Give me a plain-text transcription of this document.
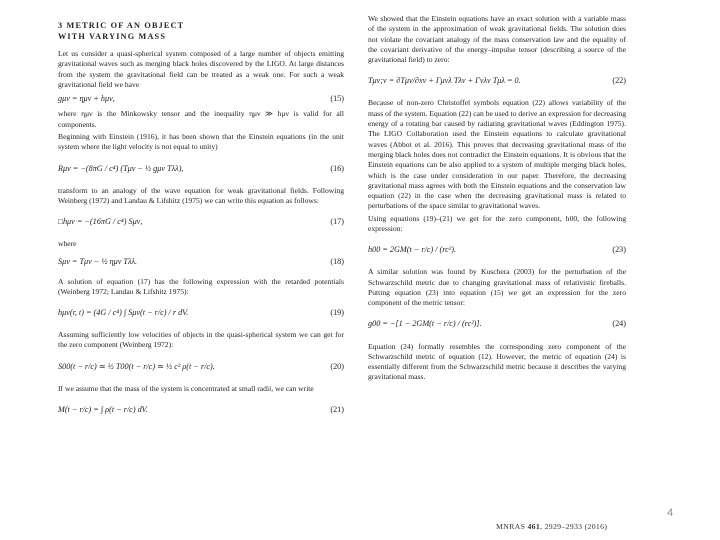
3 METRIC OF AN OBJECT
WITH VARYING MASS

Let us consider a quasi-spherical system composed of a large number of objects emitting gravitational waves such as merging black holes discovered by the LIGO. At large distances from the system the gravitational field can be treated as a weak one. For such a weak gravitational field we have

gμν = ημν + hμν,	(15)

where ημν is the Minkowsky tensor and the inequality ημν ≫ hμν is valid for all components.

Beginning with Einstein (1916), it has been shown that the Einstein equations (in the unit system where the light velocity is not equal to unity)

Rμν = −(8πG / c⁴) (Tμν − ½ gμν Tλλ),	(16)

transform to an analogy of the wave equation for weak gravitational fields. Following Weinberg (1972) and Landau & Lifshitz (1975) we can write this equation as follows:

□hμν = −(16πG / c⁴) Sμν,	(17)

where

Sμν = Tμν − ½ ημν Tλλ.	(18)

A solution of equation (17) has the following expression with the retarded potentials (Weinberg 1972; Landau & Lifshitz 1975):

hμν(r, t) = (4G / c⁴) ∫ Sμν(t − r/c) / r dV.	(19)

Assuming sufficiently low velocities of objects in the quasi-spherical system we can get for the zero component (Weinberg 1972):

S00(t − r/c) ≃ ½ T00(t − r/c) ≃ ½ c² ρ(t − r/c).	(20)

If we assume that the mass of the system is concentrated at small radii, we can write

M(t − r/c) = ∫ ρ(t − r/c) dV.	(21)

We showed that the Einstein equations have an exact solution with a variable mass of the system in the approximation of weak gravitational fields. The solution does not violate the covariant analogy of the mass conservation law and the equality of the covariant derivative of the energy–impulse tensor (describing a source of the gravitational field) to zero:

Tμν;ν = ∂Tμν/∂xν + Γμνλ Tλν + Γνλν Tμλ = 0.	(22)

Because of non-zero Christoffel symbols equation (22) allows variability of the mass of the system. Equation (22) can be used to derive an expression for decreasing energy of a rotating bar caused by radiating gravitational waves (Eddington 1975). The LIGO Collaboration used the Einstein equations to calculate gravitational waves (Abbot et al. 2016). This proves that decreasing gravitational mass of the merging black holes does not contradict the Einstein equations. It is obvious that the Einstein equations can be also applied to a system of multiple merging black holes, which is the case under consideration in our paper. Therefore, the decreasing gravitational mass agrees with both the Einstein equations and the conservation law equation (22) in the case when the decreasing gravitational mass is related to perturbations of the space similar to gravitational waves.

Using equations (19)–(21) we get for the zero component, h00, the following expression:

h00 = 2GM(t − r/c) / (rc²).	(23)

A similar solution was found by Kuschera (2003) for the perturbation of the Schwarzschild metric due to changing gravitational mass of relativistic fireballs. Putting equation (23) into equation (15) we get an expression for the zero component of the metric tensor:

g00 = −[1 − 2GM(t − r/c) / (rc²)].	(24)

Equation (24) formally resembles the corresponding zero component of the Schwarzschild metric of equation (12). However, the metric of equation (24) is essentially different from the Schwarzschild metric because it describes the varying gravitational mass.

4
MNRAS 461, 2929–2933 (2016)
